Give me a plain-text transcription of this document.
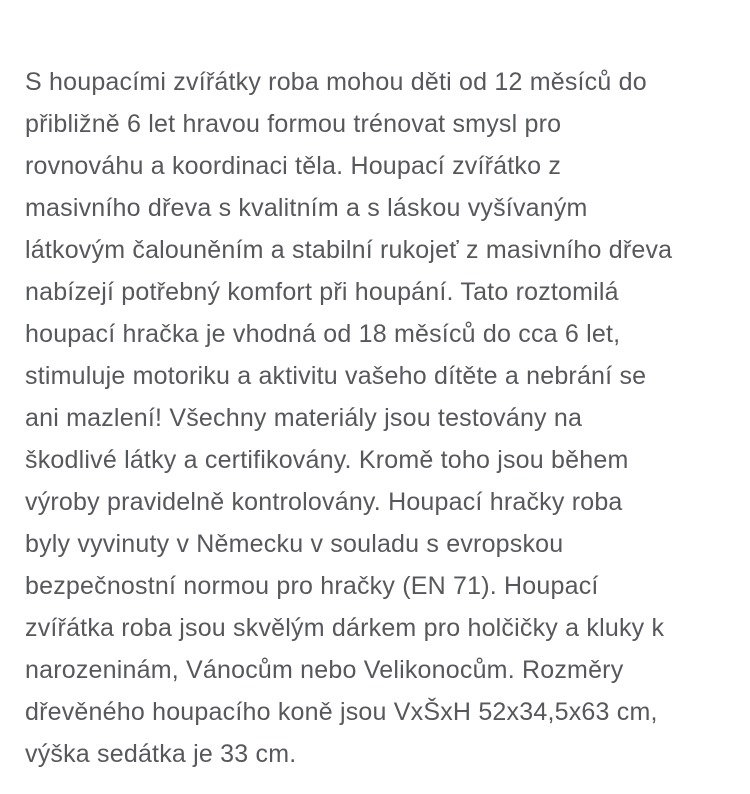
S houpacími zvířátky roba mohou děti od 12 měsíců do
přibližně 6 let hravou formou trénovat smysl pro
rovnováhu a koordinaci těla. Houpací zvířátko z
masivního dřeva s kvalitním a s láskou vyšívaným
látkovým čalouněním a stabilní rukojeť z masivního dřeva
nabízejí potřebný komfort při houpání. Tato roztomilá
houpací hračka je vhodná od 18 měsíců do cca 6 let,
stimuluje motoriku a aktivitu vašeho dítěte a nebrání se
ani mazlení! Všechny materiály jsou testovány na
škodlivé látky a certifikovány. Kromě toho jsou během
výroby pravidelně kontrolovány. Houpací hračky roba
byly vyvinuty v Německu v souladu s evropskou
bezpečnostní normou pro hračky (EN 71). Houpací
zvířátka roba jsou skvělým dárkem pro holčičky a kluky k
narozeninám, Vánocům nebo Velikonocům. Rozměry
dřevěného houpacího koně jsou VxŠxH 52x34,5x63 cm,
výška sedátka je 33 cm.
